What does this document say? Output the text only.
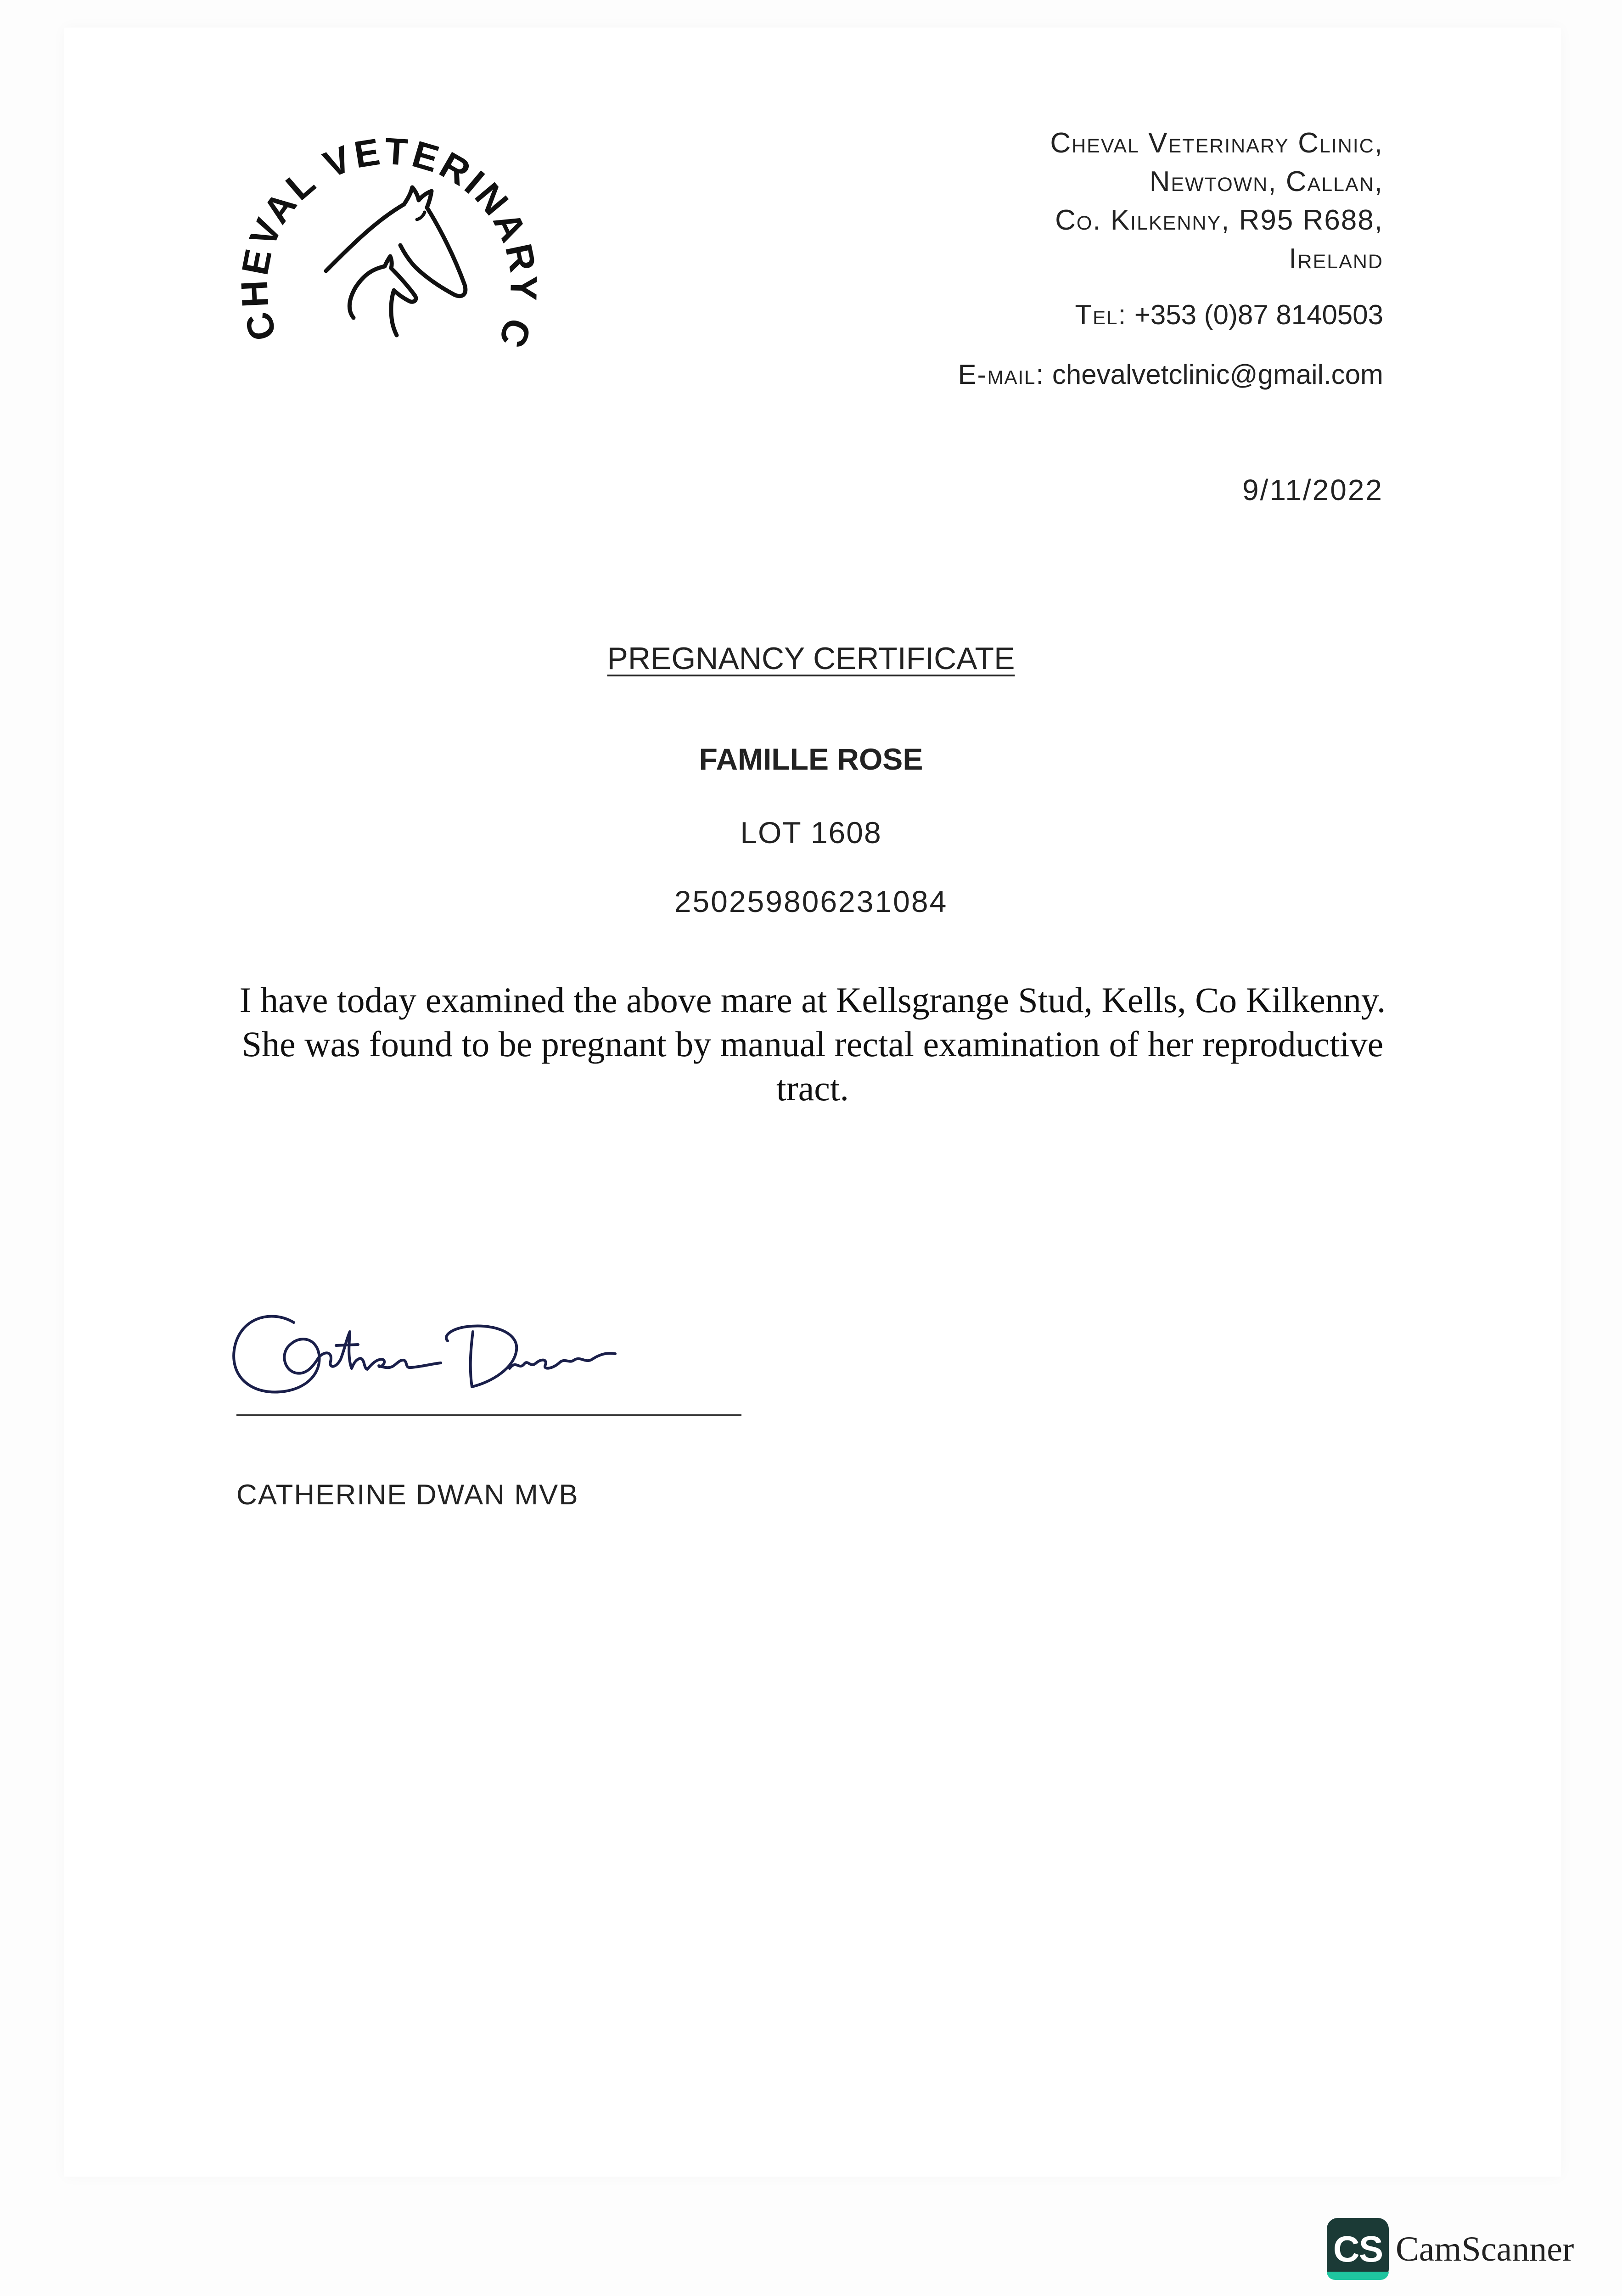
C VAL VETERINARY C
Cheval Veterinary Clinic,
Newtown, Callan,
Co. Kilkenny, R95 R688,
Ireland
Tel: +353 (0)87 8140503
E-mail: chevalvetclinic@gmail.com
9/11/2022
PREGNANCY CERTIFICATE
FAMILLE ROSE
LOT 1608
250259806231084
I have today examined the above mare at Kellsgrange Stud, Kells, Co Kilkenny.
She was found to be pregnant by manual rectal examination of her reproductive
tract.
CATHERINE DWAN MVB
CS CamScanner
